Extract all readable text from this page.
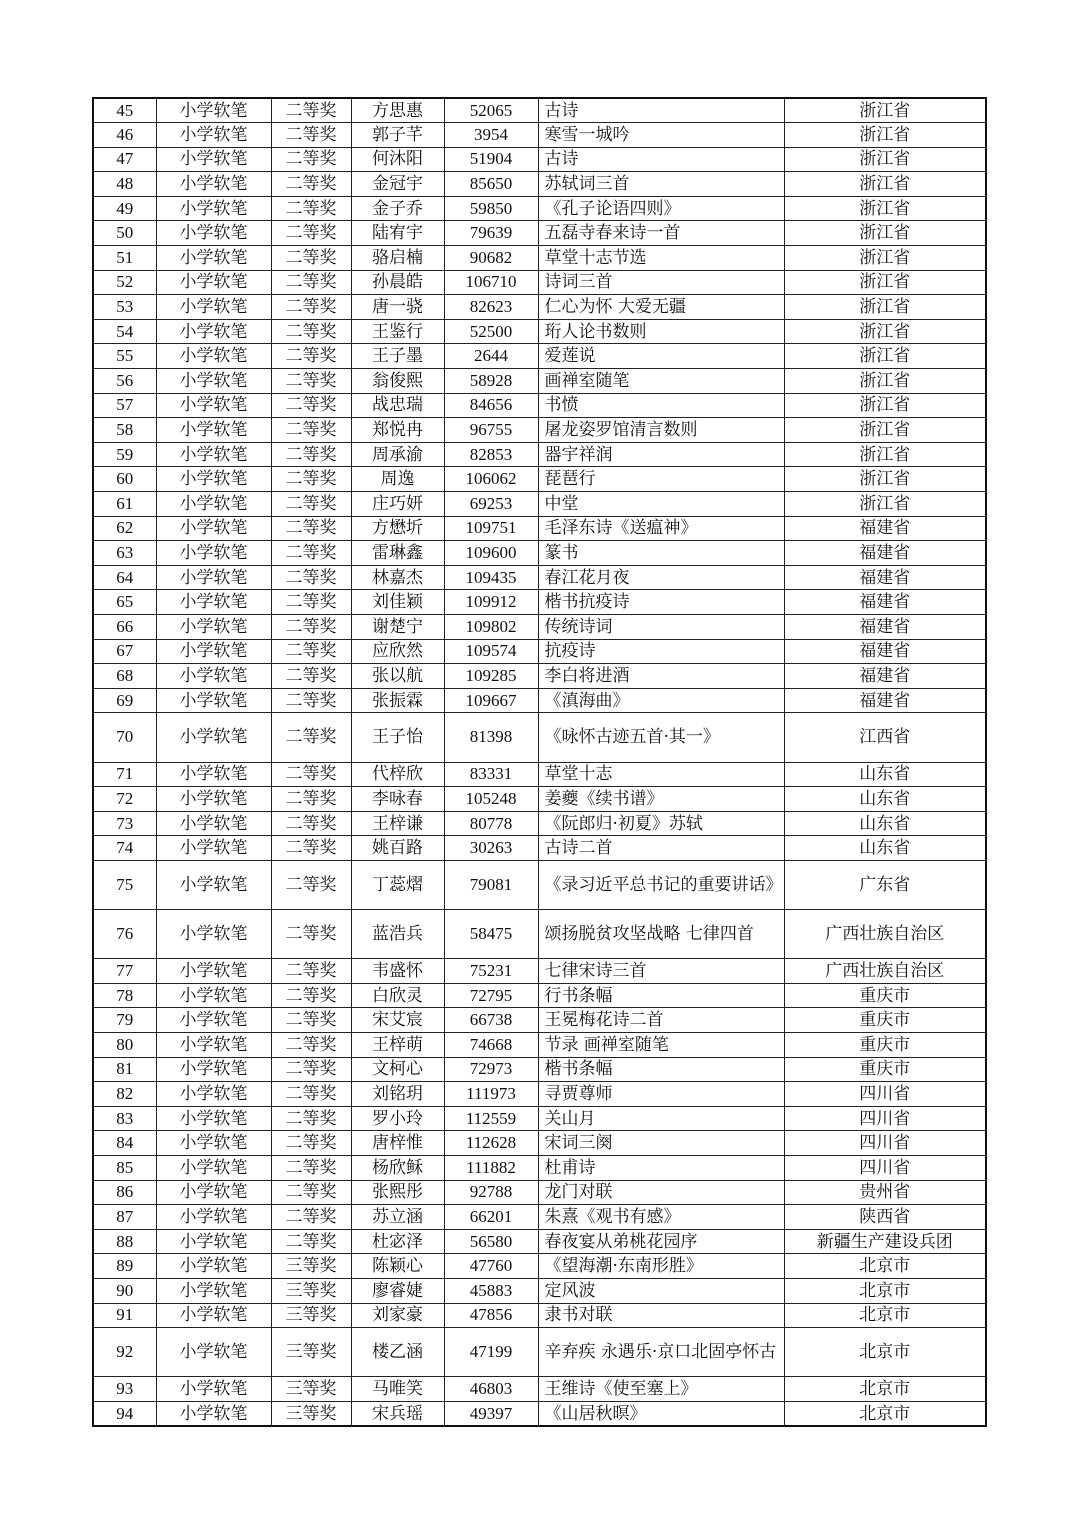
45	小学软笔	二等奖	方思惠	52065	古诗	浙江省
46	小学软笔	二等奖	郭子芊	3954	寒雪一城吟	浙江省
47	小学软笔	二等奖	何沐阳	51904	古诗	浙江省
48	小学软笔	二等奖	金冠宇	85650	苏轼词三首	浙江省
49	小学软笔	二等奖	金子乔	59850	《孔子论语四则》	浙江省
50	小学软笔	二等奖	陆宥宇	79639	五磊寺春来诗一首	浙江省
51	小学软笔	二等奖	骆启楠	90682	草堂十志节选	浙江省
52	小学软笔	二等奖	孙晨皓	106710	诗词三首	浙江省
53	小学软笔	二等奖	唐一骁	82623	仁心为怀 大爱无疆	浙江省
54	小学软笔	二等奖	王鉴行	52500	珩人论书数则	浙江省
55	小学软笔	二等奖	王子墨	2644	爱莲说	浙江省
56	小学软笔	二等奖	翁俊熙	58928	画禅室随笔	浙江省
57	小学软笔	二等奖	战忠瑞	84656	书愤	浙江省
58	小学软笔	二等奖	郑悦冉	96755	屠龙姿罗馆清言数则	浙江省
59	小学软笔	二等奖	周承渝	82853	器宇祥润	浙江省
60	小学软笔	二等奖	周逸	106062	琵琶行	浙江省
61	小学软笔	二等奖	庄巧妍	69253	中堂	浙江省
62	小学软笔	二等奖	方懋圻	109751	毛泽东诗《送瘟神》	福建省
63	小学软笔	二等奖	雷琳鑫	109600	篆书	福建省
64	小学软笔	二等奖	林嘉杰	109435	春江花月夜	福建省
65	小学软笔	二等奖	刘佳颖	109912	楷书抗疫诗	福建省
66	小学软笔	二等奖	谢楚宁	109802	传统诗词	福建省
67	小学软笔	二等奖	应欣然	109574	抗疫诗	福建省
68	小学软笔	二等奖	张以航	109285	李白将进酒	福建省
69	小学软笔	二等奖	张振霖	109667	《滇海曲》	福建省
70	小学软笔	二等奖	王子怡	81398	《咏怀古迹五首·其一》	江西省
71	小学软笔	二等奖	代梓欣	83331	草堂十志	山东省
72	小学软笔	二等奖	李咏春	105248	姜夔《续书谱》	山东省
73	小学软笔	二等奖	王梓谦	80778	《阮郎归·初夏》苏轼	山东省
74	小学软笔	二等奖	姚百路	30263	古诗二首	山东省
75	小学软笔	二等奖	丁蕊熠	79081	《录习近平总书记的重要讲话》	广东省
76	小学软笔	二等奖	蓝浩兵	58475	颂扬脱贫攻坚战略 七律四首	广西壮族自治区
77	小学软笔	二等奖	韦盛怀	75231	七律宋诗三首	广西壮族自治区
78	小学软笔	二等奖	白欣灵	72795	行书条幅	重庆市
79	小学软笔	二等奖	宋艾宸	66738	王冕梅花诗二首	重庆市
80	小学软笔	二等奖	王梓萌	74668	节录 画禅室随笔	重庆市
81	小学软笔	二等奖	文柯心	72973	楷书条幅	重庆市
82	小学软笔	二等奖	刘铭玥	111973	寻贾尊师	四川省
83	小学软笔	二等奖	罗小玲	112559	关山月	四川省
84	小学软笔	二等奖	唐梓惟	112628	宋词三阕	四川省
85	小学软笔	二等奖	杨欣稣	111882	杜甫诗	四川省
86	小学软笔	二等奖	张熙彤	92788	龙门对联	贵州省
87	小学软笔	二等奖	苏立涵	66201	朱熹《观书有感》	陕西省
88	小学软笔	二等奖	杜宓泽	56580	春夜宴从弟桃花园序	新疆生产建设兵团
89	小学软笔	三等奖	陈颖心	47760	《望海潮·东南形胜》	北京市
90	小学软笔	三等奖	廖睿婕	45883	定风波	北京市
91	小学软笔	三等奖	刘家豪	47856	隶书对联	北京市
92	小学软笔	三等奖	楼乙涵	47199	辛弃疾 永遇乐·京口北固亭怀古	北京市
93	小学软笔	三等奖	马唯笑	46803	王维诗《使至塞上》	北京市
94	小学软笔	三等奖	宋兵瑶	49397	《山居秋暝》	北京市
